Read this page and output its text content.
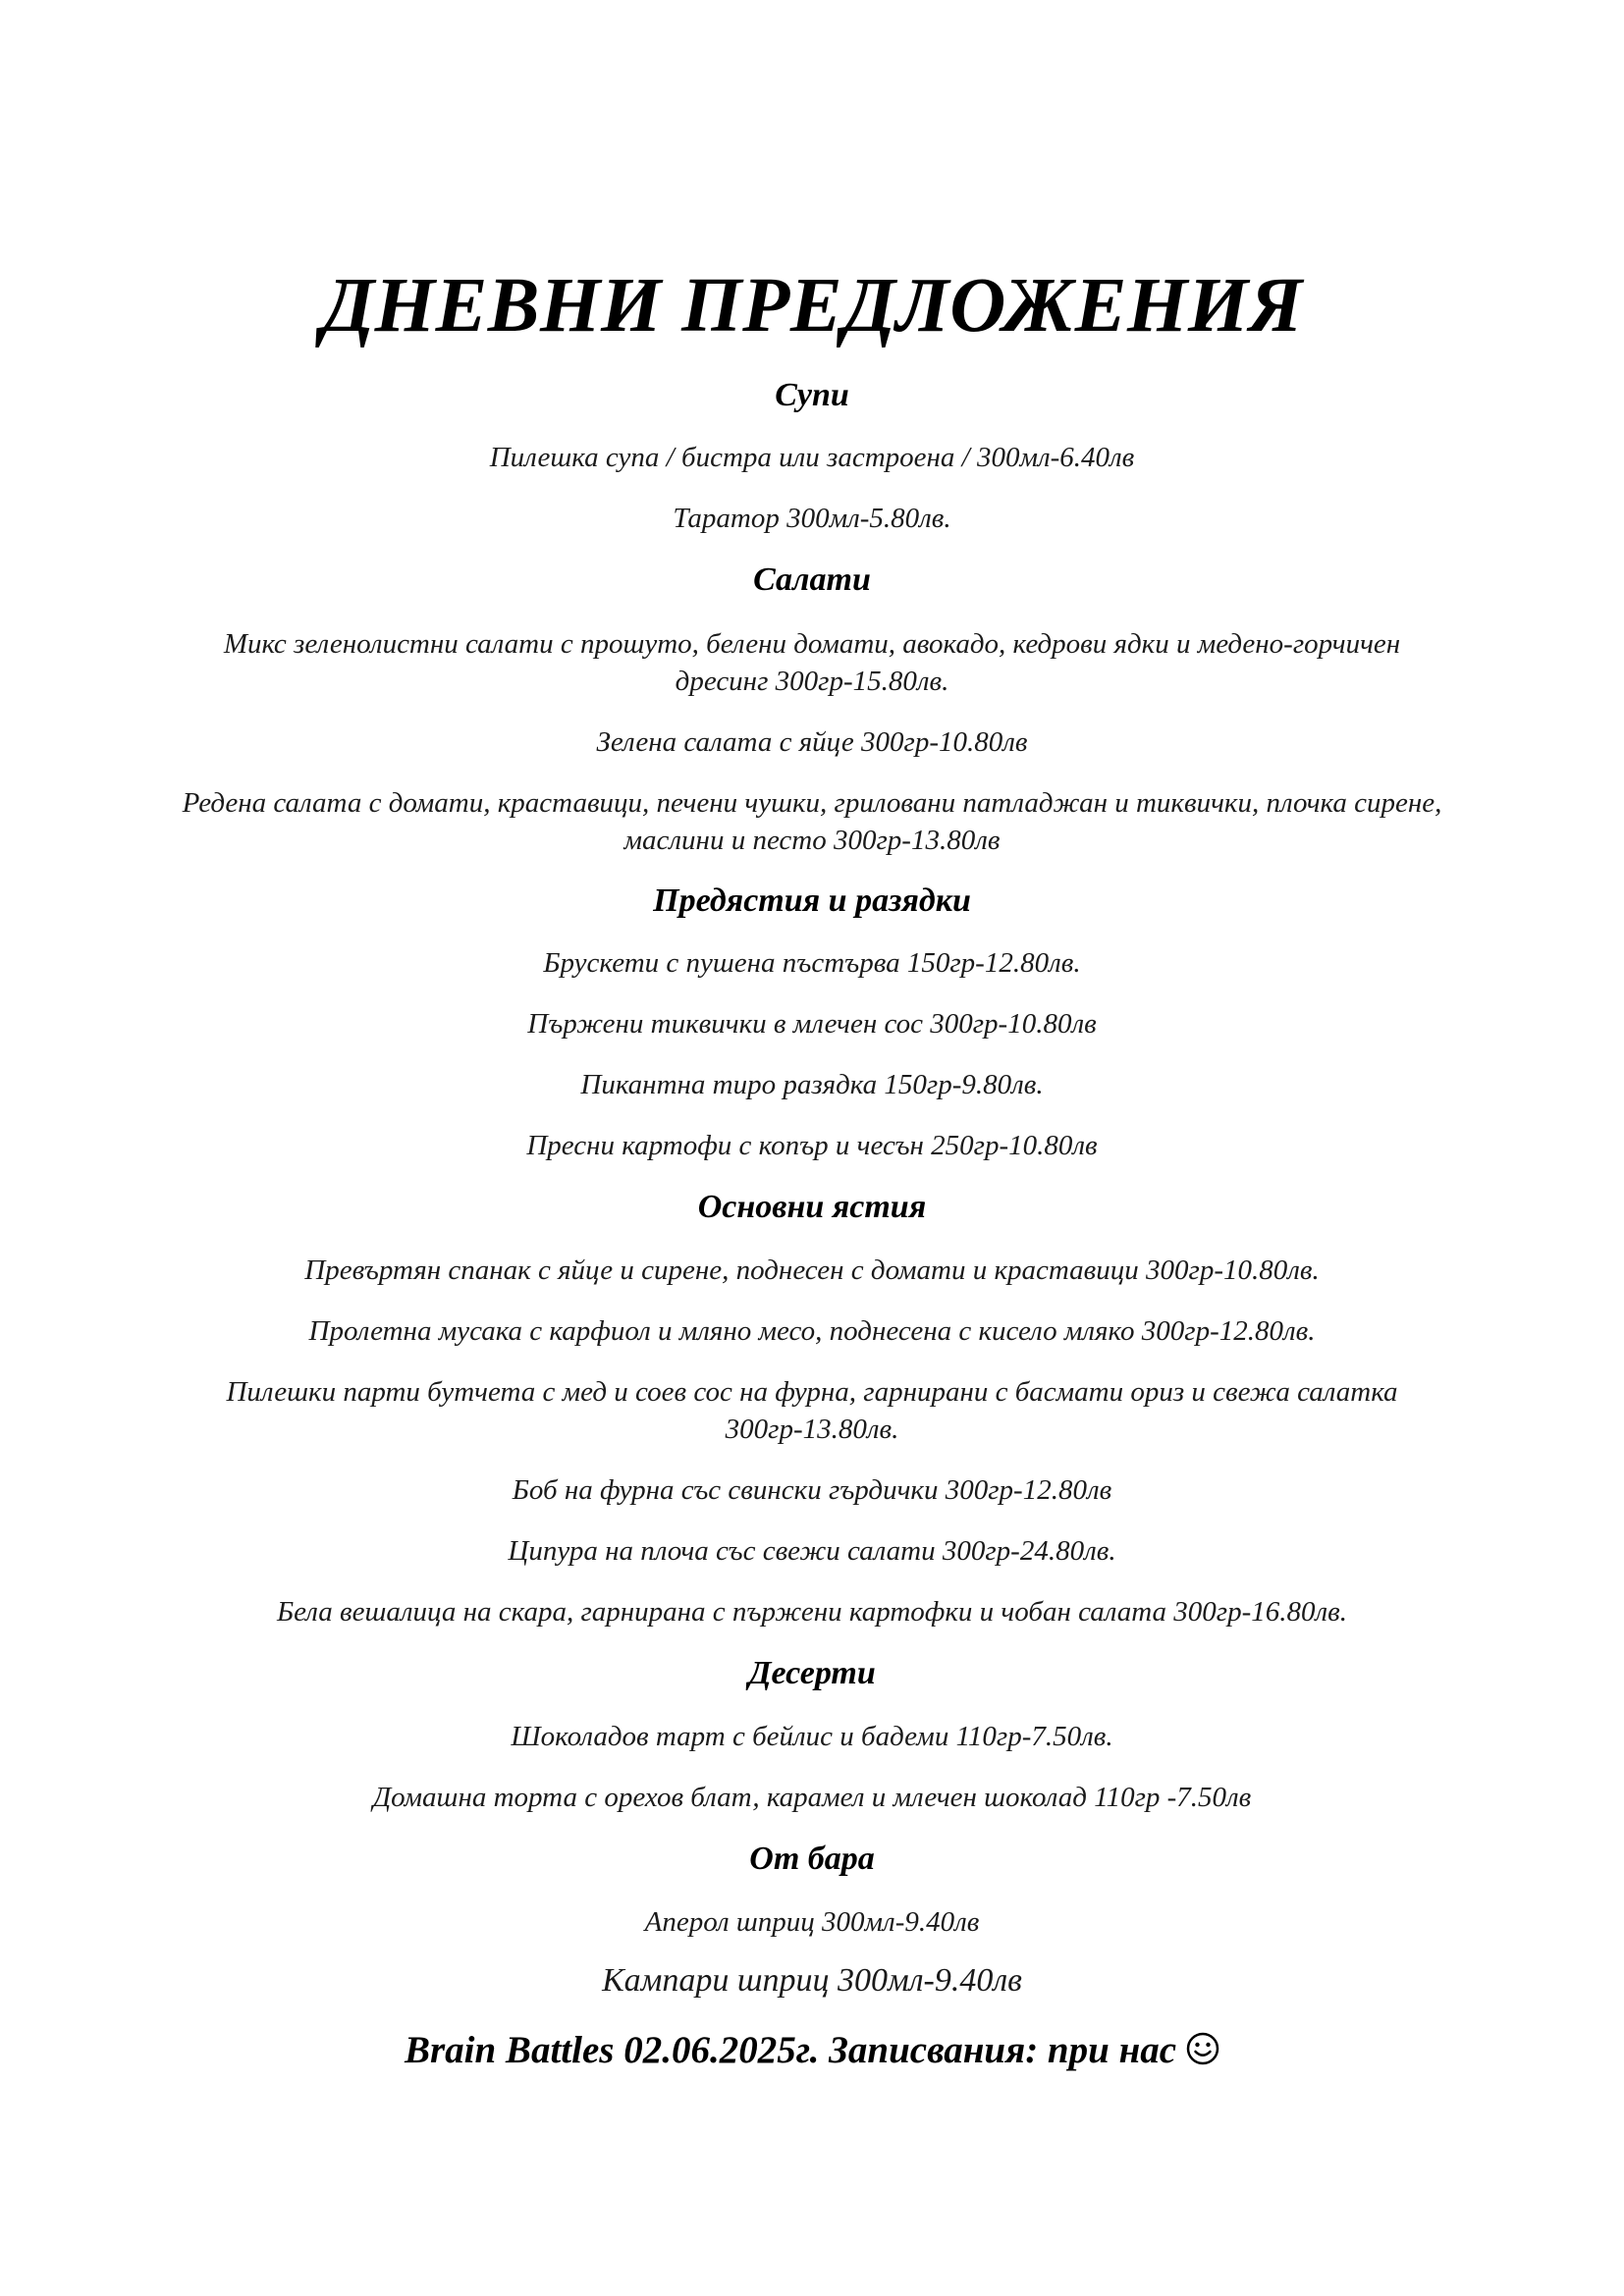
ДНЕВНИ ПРЕДЛОЖЕНИЯ
Супи
Пилешка супа / бистра или застроена / 300мл-6.40лв
Таратор 300мл-5.80лв.
Салати
Микс зеленолистни салати с прошуто, белени домати, авокадо, кедрови ядки и медено-горчичен дресинг 300гр-15.80лв.
Зелена салата с яйце 300гр-10.80лв
Редена салата с домати, краставици, печени чушки, гриловани патладжан и тиквички, плочка сирене, маслини и песто 300гр-13.80лв
Предястия и разядки
Брускети с пушена пъстърва 150гр-12.80лв.
Пържени тиквички в млечен сос 300гр-10.80лв
Пикантна тиро разядка 150гр-9.80лв.
Пресни картофи с копър и чесън 250гр-10.80лв
Основни ястия
Превъртян спанак с яйце и сирене, поднесен с домати и краставици 300гр-10.80лв.
Пролетна мусака с карфиол и мляно месо, поднесена с кисело мляко 300гр-12.80лв.
Пилешки парти бутчета с мед и соев сос на фурна, гарнирани с басмати ориз и свежа салатка 300гр-13.80лв.
Боб на фурна със свински гърдички 300гр-12.80лв
Ципура на плоча със свежи салати 300гр-24.80лв.
Бела вешалица на скара, гарнирана с пържени картофки и чобан салата 300гр-16.80лв.
Десерти
Шоколадов тарт с бейлис и бадеми 110гр-7.50лв.
Домашна торта с орехов блат, карамел и млечен шоколад 110гр -7.50лв
От бара
Аперол шприц 300мл-9.40лв
Кампари шприц 300мл-9.40лв
Brain Battles 02.06.2025г. Записвания: при нас
